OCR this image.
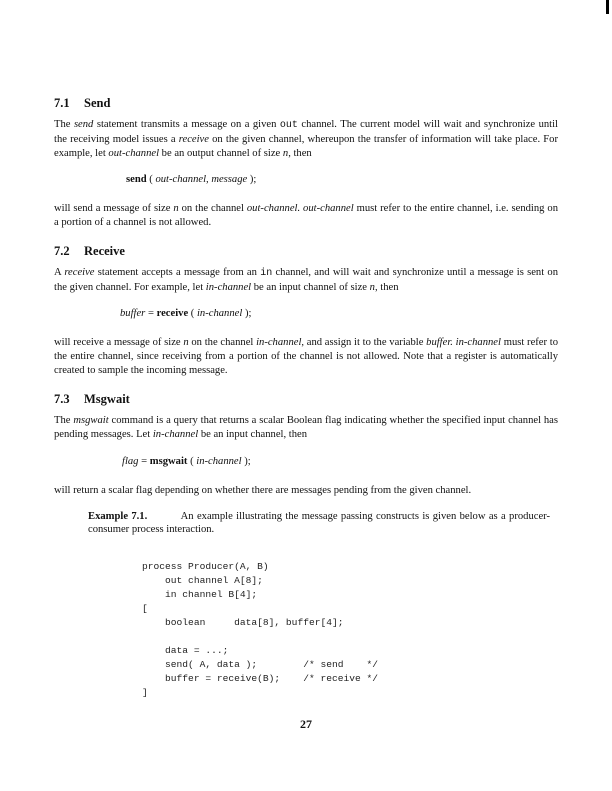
7.1 Send
The send statement transmits a message on a given out channel. The current model will wait and synchronize until the receiving model issues a receive on the given channel, whereupon the transfer of information will take place. For example, let out-channel be an output channel of size n, then
send ( out-channel, message );
will send a message of size n on the channel out-channel. out-channel must refer to the entire channel, i.e. sending on a portion of a channel is not allowed.
7.2 Receive
A receive statement accepts a message from an in channel, and will wait and synchronize until a message is sent on the given channel. For example, let in-channel be an input channel of size n, then
buffer = receive ( in-channel );
will receive a message of size n on the channel in-channel, and assign it to the variable buffer. in-channel must refer to the entire channel, since receiving from a portion of the channel is not allowed. Note that a register is automatically created to sample the incoming message.
7.3 Msgwait
The msgwait command is a query that returns a scalar Boolean flag indicating whether the specified input channel has pending messages. Let in-channel be an input channel, then
flag = msgwait ( in-channel );
will return a scalar flag depending on whether there are messages pending from the given channel.
Example 7.1.          An example illustrating the message passing constructs is given below as a producer-consumer process interaction.
process Producer(A, B)
out channel A[8];
in channel B[4];
[
boolean     data[8], buffer[4];

data = ...;
send( A, data );        /* send    */
buffer = receive(B);    /* receive */
]
27
